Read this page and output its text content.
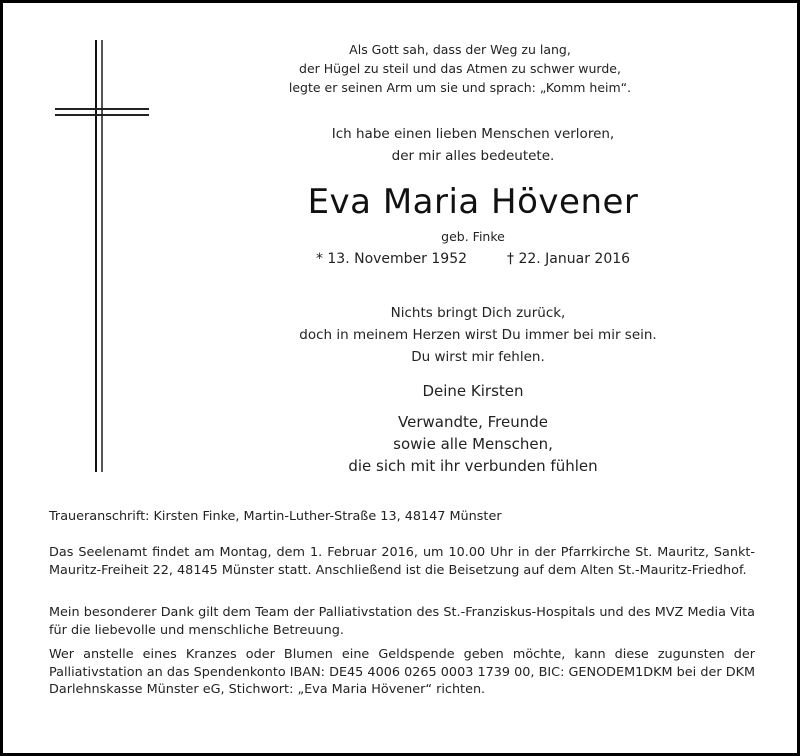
Als Gott sah, dass der Weg zu lang,
der Hügel zu steil und das Atmen zu schwer wurde,
legte er seinen Arm um sie und sprach: „Komm heim“.
Ich habe einen lieben Menschen verloren,
der mir alles bedeutete.
Eva Maria Hövener
geb. Finke
* 13. November 1952	† 22. Januar 2016
Nichts bringt Dich zurück,
doch in meinem Herzen wirst Du immer bei mir sein.
Du wirst mir fehlen.
Deine Kirsten
Verwandte, Freunde
sowie alle Menschen,
die sich mit ihr verbunden fühlen

Traueranschrift: Kirsten Finke, Martin-Luther-Straße 13, 48147 Münster

Das Seelenamt findet am Montag, dem 1. Februar 2016, um 10.00 Uhr in der Pfarrkirche St. Mauritz, Sankt-Mauritz-Freiheit 22, 48145 Münster statt. Anschließend ist die Beisetzung auf dem Alten St.-Mauritz-Friedhof.

Mein besonderer Dank gilt dem Team der Palliativstation des St.-Franziskus-Hospitals und des MVZ Media Vita für die liebevolle und menschliche Betreuung.

Wer anstelle eines Kranzes oder Blumen eine Geldspende geben möchte, kann diese zugunsten der Palliativstation an das Spendenkonto IBAN: DE45 4006 0265 0003 1739 00, BIC: GENODEM1DKM bei der DKM Darlehnskasse Münster eG, Stichwort: „Eva Maria Hövener“ richten.
